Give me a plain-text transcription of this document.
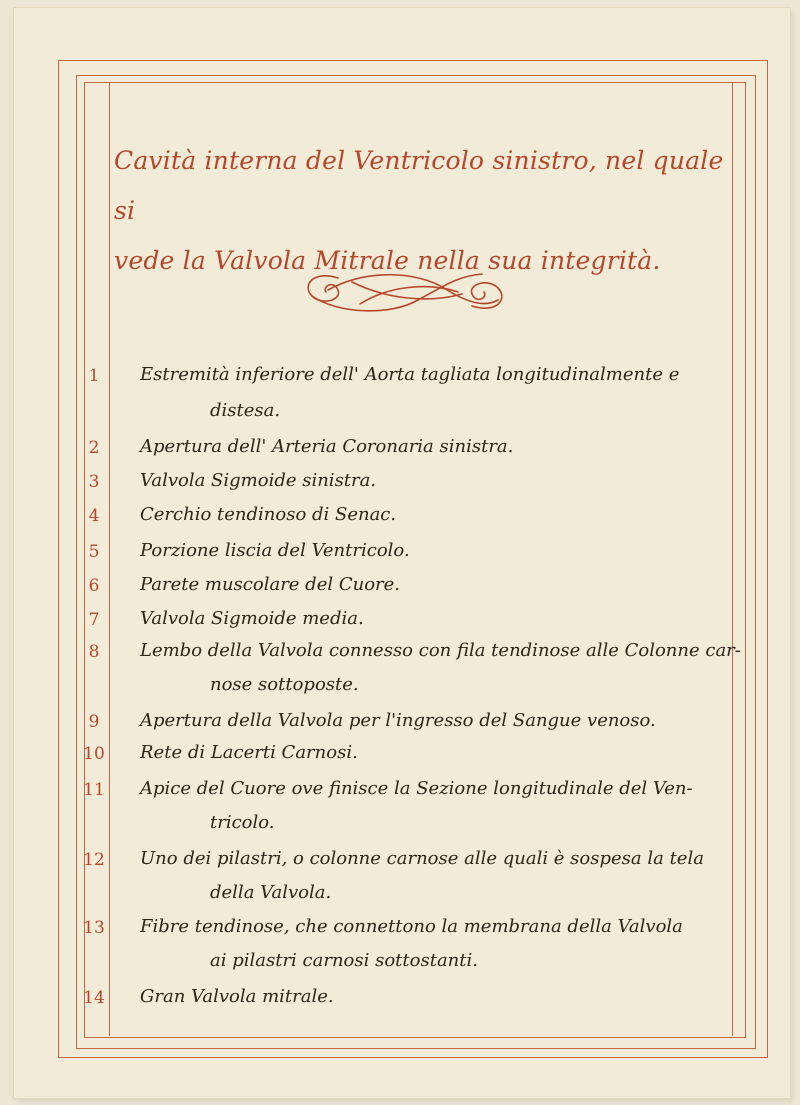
Cavità interna del Ventricolo sinistro, nel quale si
vede la Valvola Mitrale nella sua integrità.
1	Estremità inferiore dell' Aorta tagliata longitudinalmente e
distesa.
2	Apertura dell' Arteria Coronaria sinistra.
3	Valvola Sigmoide sinistra.
4	Cerchio tendinoso di Senac.
5	Porzione liscia del Ventricolo.
6	Parete muscolare del Cuore.
7	Valvola Sigmoide media.
8	Lembo della Valvola connesso con fila tendinose alle Colonne car-
nose sottoposte.
9	Apertura della Valvola per l'ingresso del Sangue venoso.
10	Rete di Lacerti Carnosi.
11	Apice del Cuore ove finisce la Sezione longitudinale del Ven-
tricolo.
12	Uno dei pilastri, o colonne carnose alle quali è sospesa la tela
della Valvola.
13	Fibre tendinose, che connettono la membrana della Valvola
ai pilastri carnosi sottostanti.
14	Gran Valvola mitrale.
